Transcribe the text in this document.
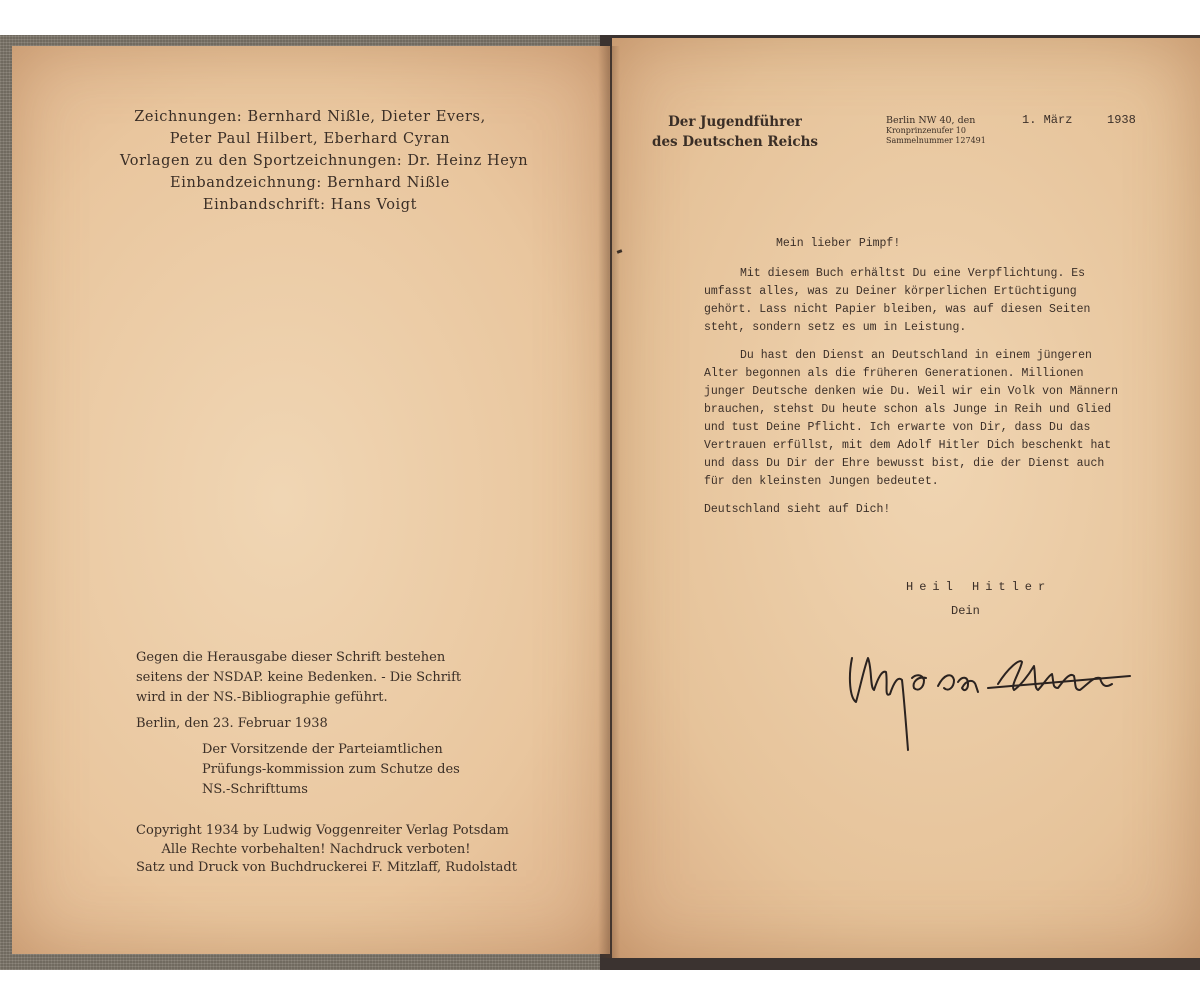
Zeichnungen: Bernhard Nißle, Dieter Evers,
Peter Paul Hilbert, Eberhard Cyran
Vorlagen zu den Sportzeichnungen: Dr. Heinz Heyn
Einbandzeichnung: Bernhard Nißle
Einbandschrift: Hans Voigt

Gegen die Herausgabe dieser Schrift bestehen seitens der NSDAP. keine Bedenken. - Die Schrift wird in der NS.-Bibliographie geführt.

Berlin, den 23. Februar 1938

Der Vorsitzende der Parteiamtlichen Prüfungs-kommission zum Schutze des NS.-Schrifttums

Copyright 1934 by Ludwig Voggenreiter Verlag Potsdam
Alle Rechte vorbehalten! Nachdruck verboten!
Satz und Druck von Buchdruckerei F. Mitzlaff, Rudolstadt
Der Jugendführer
des Deutschen Reichs
Berlin NW 40, den
Kronprinzenufer 10
Sammelnummer 127491
1. März	1938

Mein lieber Pimpf!

Mit diesem Buch erhältst Du eine Verpflichtung. Es umfasst alles, was zu Deiner körperlichen Ertüchtigung gehört. Lass nicht Papier bleiben, was auf diesen Seiten steht, sondern setz es um in Leistung.

Du hast den Dienst an Deutschland in einem jüngeren Alter begonnen als die früheren Generationen. Millionen junger Deutsche denken wie Du. Weil wir ein Volk von Männern brauchen, stehst Du heute schon als Junge in Reih und Glied und tust Deine Pflicht. Ich erwarte von Dir, dass Du das Vertrauen erfüllst, mit dem Adolf Hitler Dich beschenkt hat und dass Du Dir der Ehre bewusst bist, die der Dienst auch für den kleinsten Jungen bedeutet.

Deutschland sieht auf Dich!

Heil Hitler
Dein
